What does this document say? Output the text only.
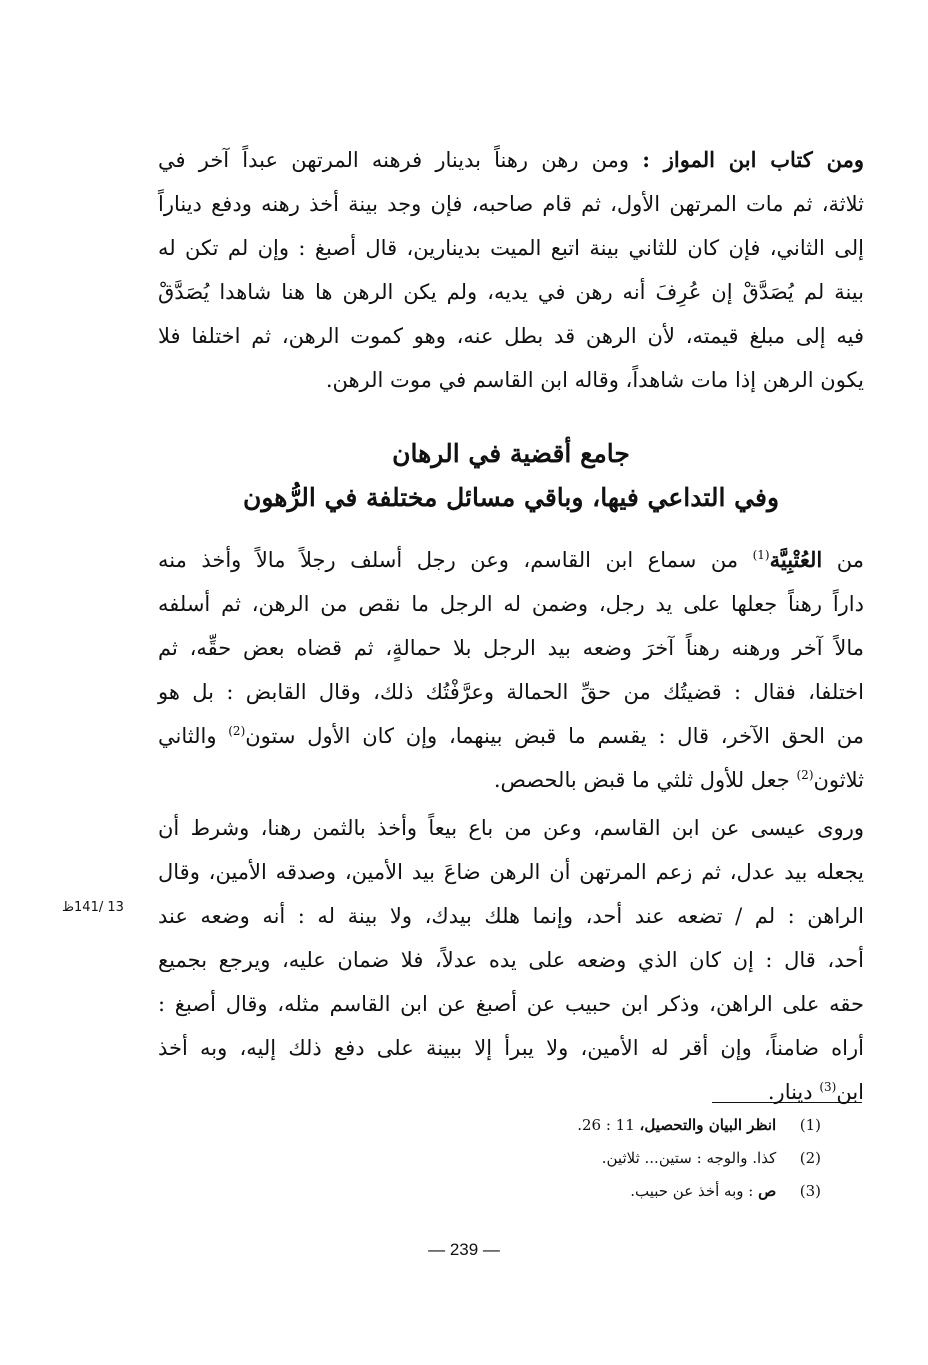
ومن كتاب ابن المواز : ومن رهن رهناً بدينار فرهنه المرتهن عبداً آخر في
ثلاثة، ثم مات المرتهن الأول، ثم قام صاحبه، فإن وجد بينة أخذ رهنه ودفع ديناراً
إلى الثاني، فإن كان للثاني بينة اتبع الميت بدينارين، قال أصبغ : وإن لم تكن له
بينة لم يُصَدَّقْ إن عُرِفَ أنه رهن في يديه، ولم يكن الرهن ها هنا شاهدا يُصَدَّقْ
فيه إلى مبلغ قيمته، لأن الرهن قد بطل عنه، وهو كموت الرهن، ثم اختلفا فلا
يكون الرهن إذا مات شاهداً، وقاله ابن القاسم في موت الرهن.
جامع أقضية في الرهان
وفي التداعي فيها، وباقي مسائل مختلفة في الرُّهون
من العُتْبِيَّة$^{(1)}$ من سماع ابن القاسم، وعن رجل أسلف رجلاً مالاً وأخذ منه
داراً رهناً جعلها على يد رجل، وضمن له الرجل ما نقص من الرهن، ثم أسلفه
مالاً آخر ورهنه رهناً آخرَ وضعه بيد الرجل بلا حمالةٍ، ثم قضاه بعض حقِّه، ثم
اختلفا، فقال : قضيتُك من حقِّ الحمالة وعرَّفْتُك ذلك، وقال القابض : بل هو
من الحق الآخر، قال : يقسم ما قبض بينهما، وإن كان الأول ستون$^{(2)}$ والثاني
ثلاثون$^{(2)}$ جعل للأول ثلثي ما قبض بالحصص.
وروى عيسى عن ابن القاسم، وعن من باع بيعاً وأخذ بالثمن رهنا، وشرط أن
يجعله بيد عدل، ثم زعم المرتهن أن الرهن ضاعَ بيد الأمين، وصدقه الأمين، وقال
الراهن : لم / تضعه عند أحد، وإنما هلك بيدك، ولا بينة له : أنه وضعه عند
أحد، قال : إن كان الذي وضعه على يده عدلاً، فلا ضمان عليه، ويرجع بجميع
حقه على الراهن، وذكر ابن حبيب عن أصبغ عن ابن القاسم مثله، وقال أصبغ :
أراه ضامناً، وإن أقر له الأمين، ولا يبرأ إلا ببينة على دفع ذلك إليه، وبه أخذ
ابن$^{(3)}$ دينار.
13 /141ظ
(1) انظر البيان والتحصيل، 11 : 26.
(2) كذا. والوجه : ستين... ثلاثين.
(3) ص : وبه أخذ عن حبيب.
— 239 —
